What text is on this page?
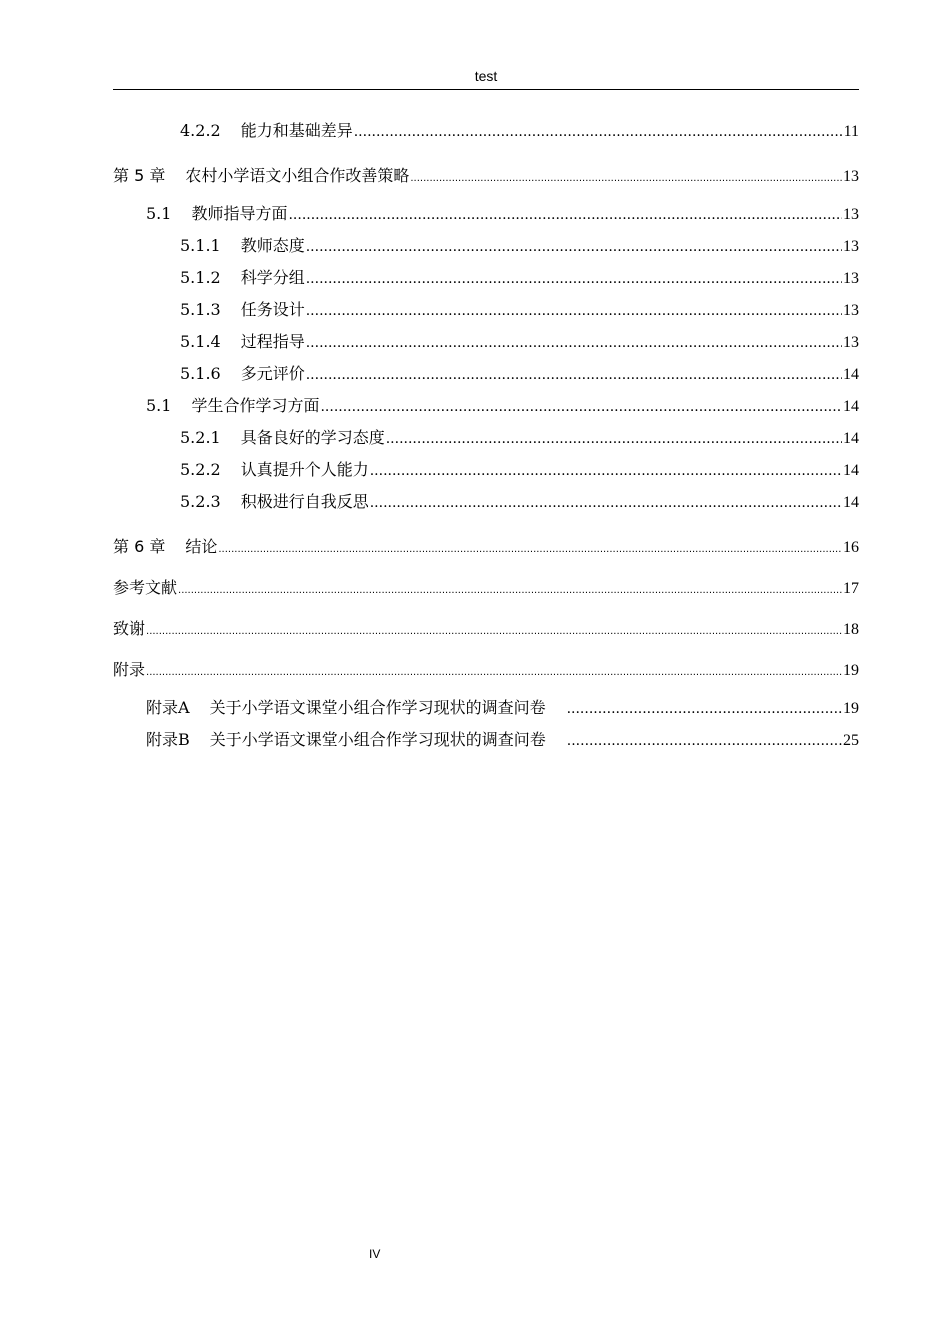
test
4.2.2 能力和基础差异 .....	11
第 5 章 农村小学语文小组合作改善策略 .....	13
5.1 教师指导方面 .....	13
5.1.1 教师态度 .....	13
5.1.2 科学分组 .....	13
5.1.3 任务设计 .....	13
5.1.4 过程指导 .....	13
5.1.6 多元评价 .....	14
5.1 学生合作学习方面 .....	14
5.2.1 具备良好的学习态度 .....	14
5.2.2 认真提升个人能力 .....	14
5.2.3 积极进行自我反思 .....	14
第 6 章 结论 .....	16
参考文献 .....	17
致谢 .....	18
附录 .....	19
附录A 关于小学语文课堂小组合作学习现状的调查问卷 .....	19
附录B 关于小学语文课堂小组合作学习现状的调查问卷 .....	25
IV
